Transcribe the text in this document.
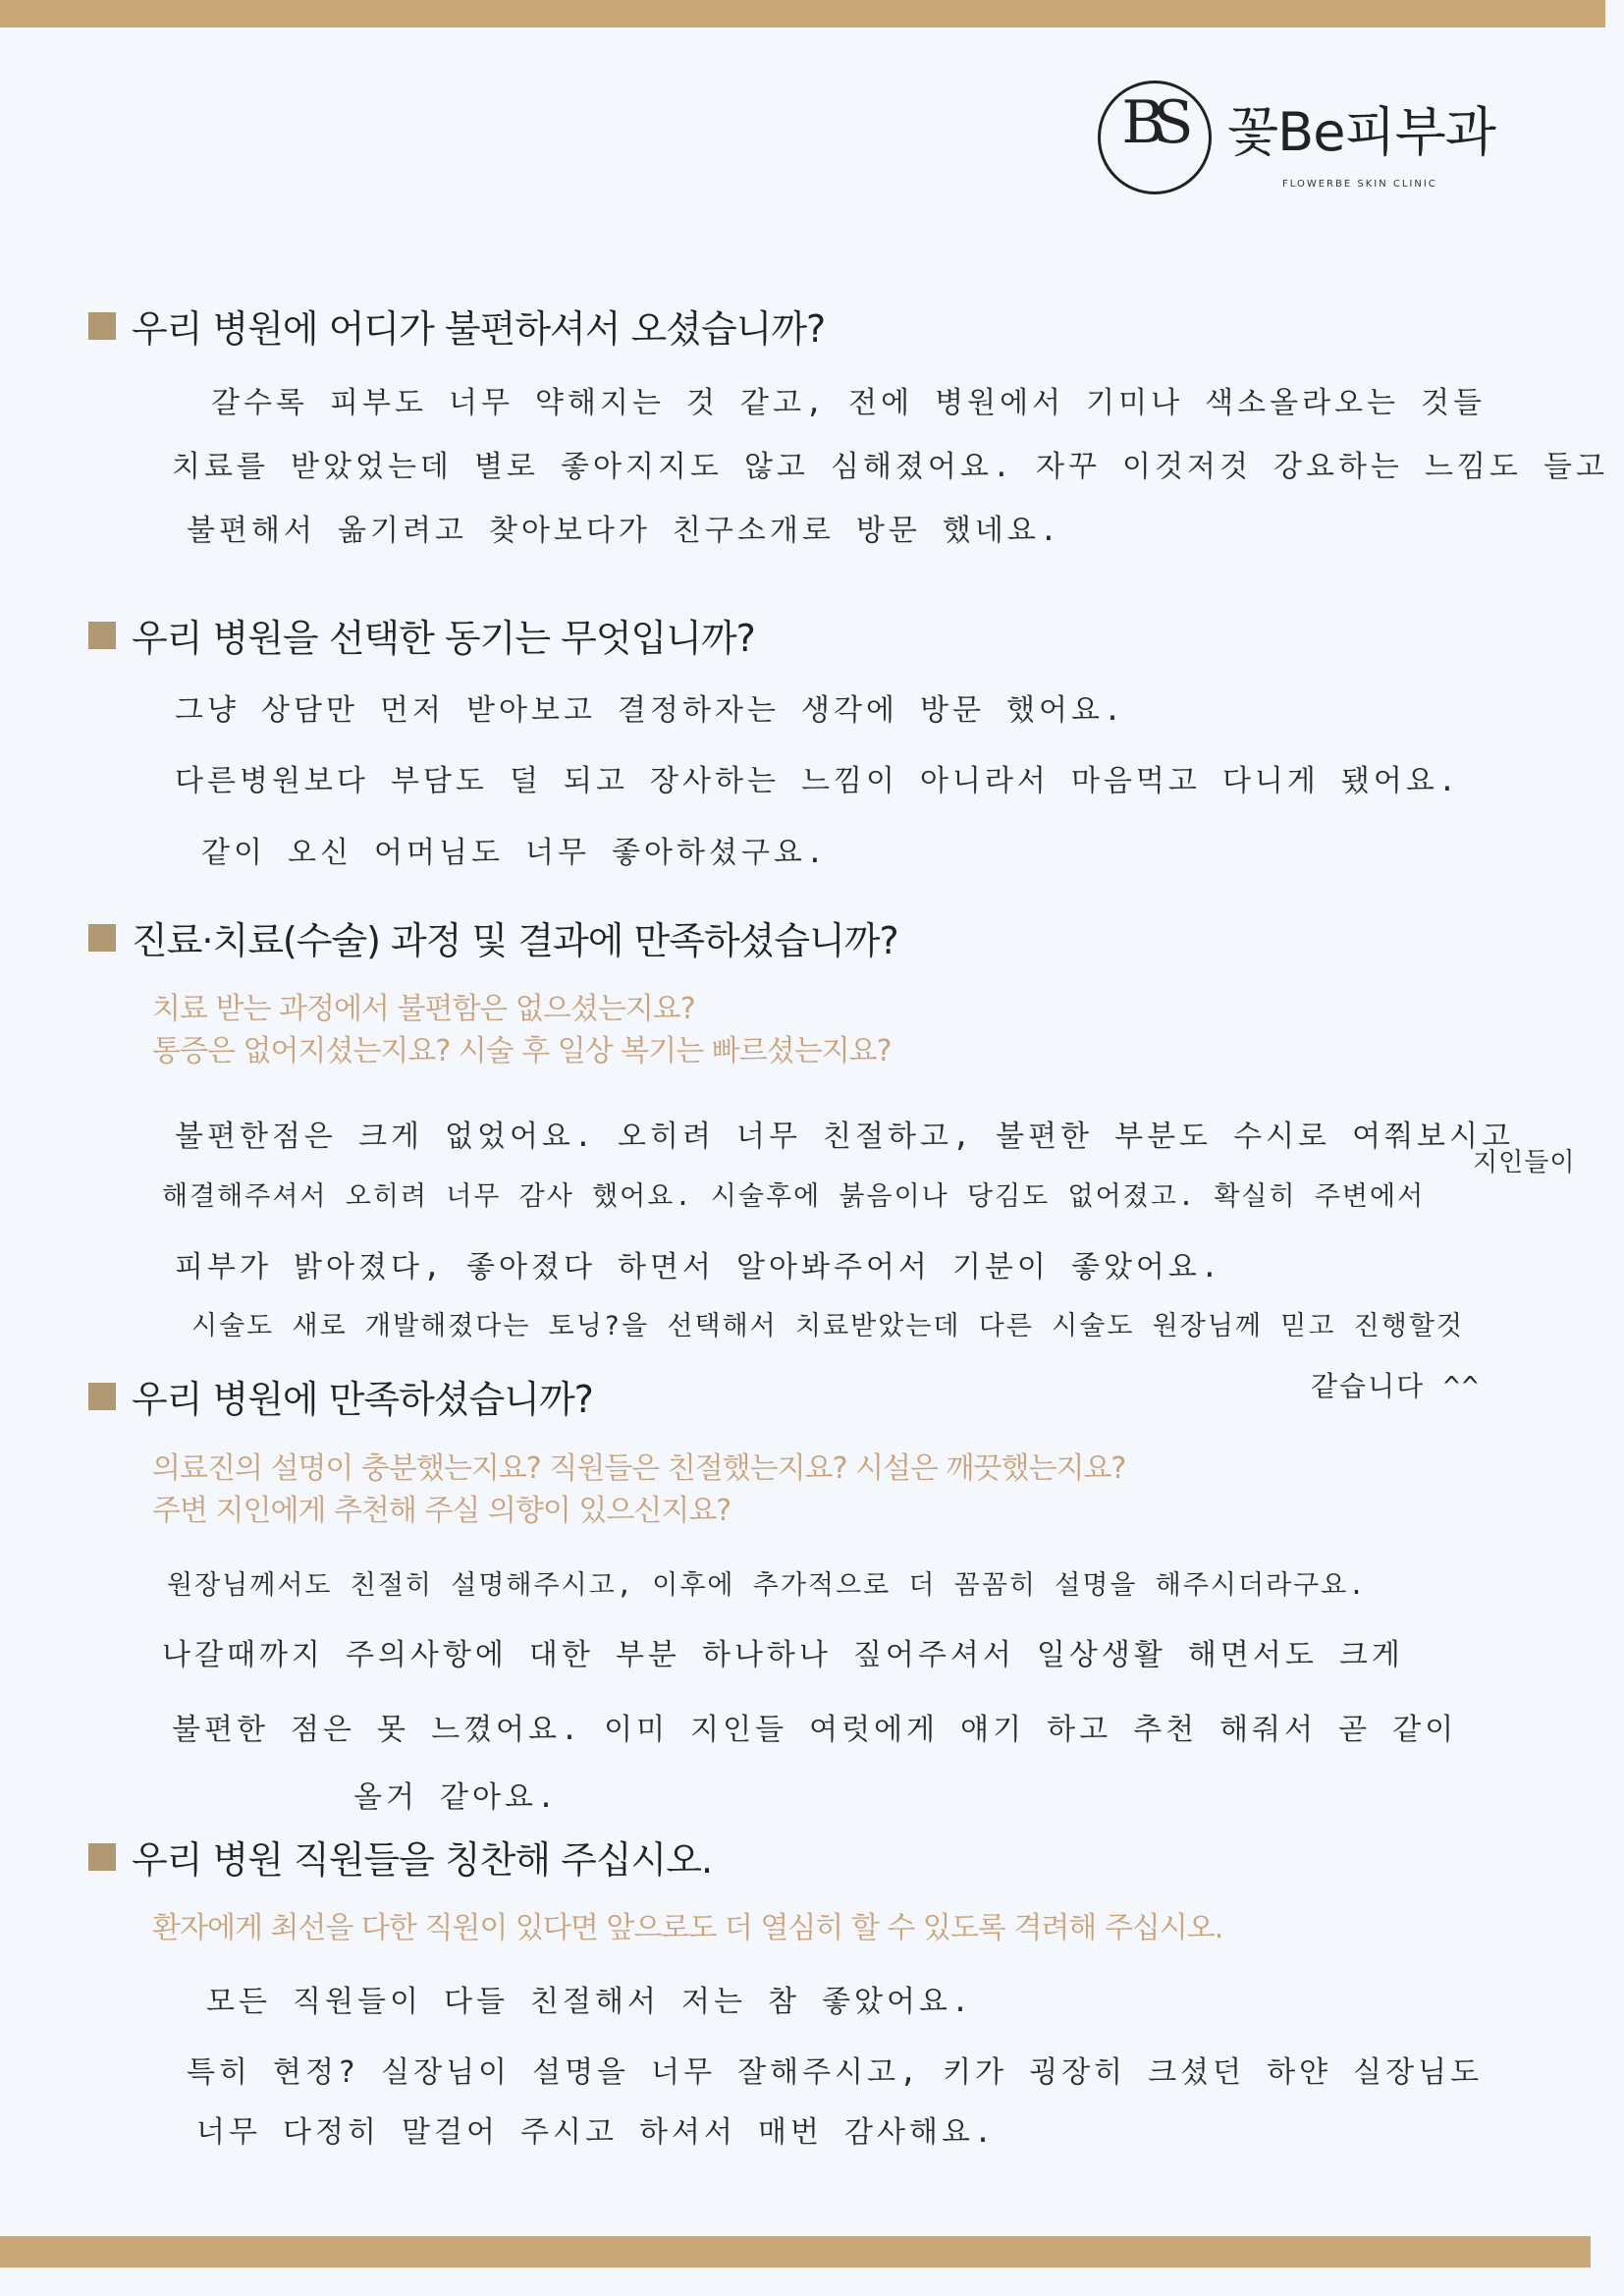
BS 꽃Be피부과
FLOWERBE SKIN CLINIC
우리 병원에 어디가 불편하셔서 오셨습니까?
갈수록 피부도 너무 약해지는 것 같고, 전에 병원에서 기미나 색소올라오는 것들
치료를 받았었는데 별로 좋아지지도 않고 심해졌어요. 자꾸 이것저것 강요하는 느낌도 들고
불편해서 옮기려고 찾아보다가 친구소개로 방문 했네요.
우리 병원을 선택한 동기는 무엇입니까?
그냥 상담만 먼저 받아보고 결정하자는 생각에 방문 했어요.
다른병원보다 부담도 덜 되고 장사하는 느낌이 아니라서 마음먹고 다니게 됐어요.
같이 오신 어머님도 너무 좋아하셨구요.
진료·치료(수술) 과정 및 결과에 만족하셨습니까?
치료 받는 과정에서 불편함은 없으셨는지요?
통증은 없어지셨는지요? 시술 후 일상 복기는 빠르셨는지요?
불편한점은 크게 없었어요. 오히려 너무 친절하고, 불편한 부분도 수시로 여쭤보시고
지인들이
해결해주셔서 오히려 너무 감사 했어요. 시술후에 붉음이나 당김도 없어졌고. 확실히 주변에서
피부가 밝아졌다, 좋아졌다 하면서 알아봐주어서 기분이 좋았어요.
시술도 새로 개발해졌다는 토닝?을 선택해서 치료받았는데 다른 시술도 원장님께 믿고 진행할것
같습니다 ^^
우리 병원에 만족하셨습니까?
의료진의 설명이 충분했는지요? 직원들은 친절했는지요? 시설은 깨끗했는지요?
주변 지인에게 추천해 주실 의향이 있으신지요?
원장님께서도 친절히 설명해주시고, 이후에 추가적으로 더 꼼꼼히 설명을 해주시더라구요.
나갈때까지 주의사항에 대한 부분 하나하나 짚어주셔서 일상생활 해면서도 크게
불편한 점은 못 느꼈어요. 이미 지인들 여럿에게 얘기 하고 추천 해줘서 곧 같이
올거 같아요.
우리 병원 직원들을 칭찬해 주십시오.
환자에게 최선을 다한 직원이 있다면 앞으로도 더 열심히 할 수 있도록 격려해 주십시오.
모든 직원들이 다들 친절해서 저는 참 좋았어요.
특히 현정? 실장님이 설명을 너무 잘해주시고, 키가 굉장히 크셨던 하얀 실장님도
너무 다정히 말걸어 주시고 하셔서 매번 감사해요.
